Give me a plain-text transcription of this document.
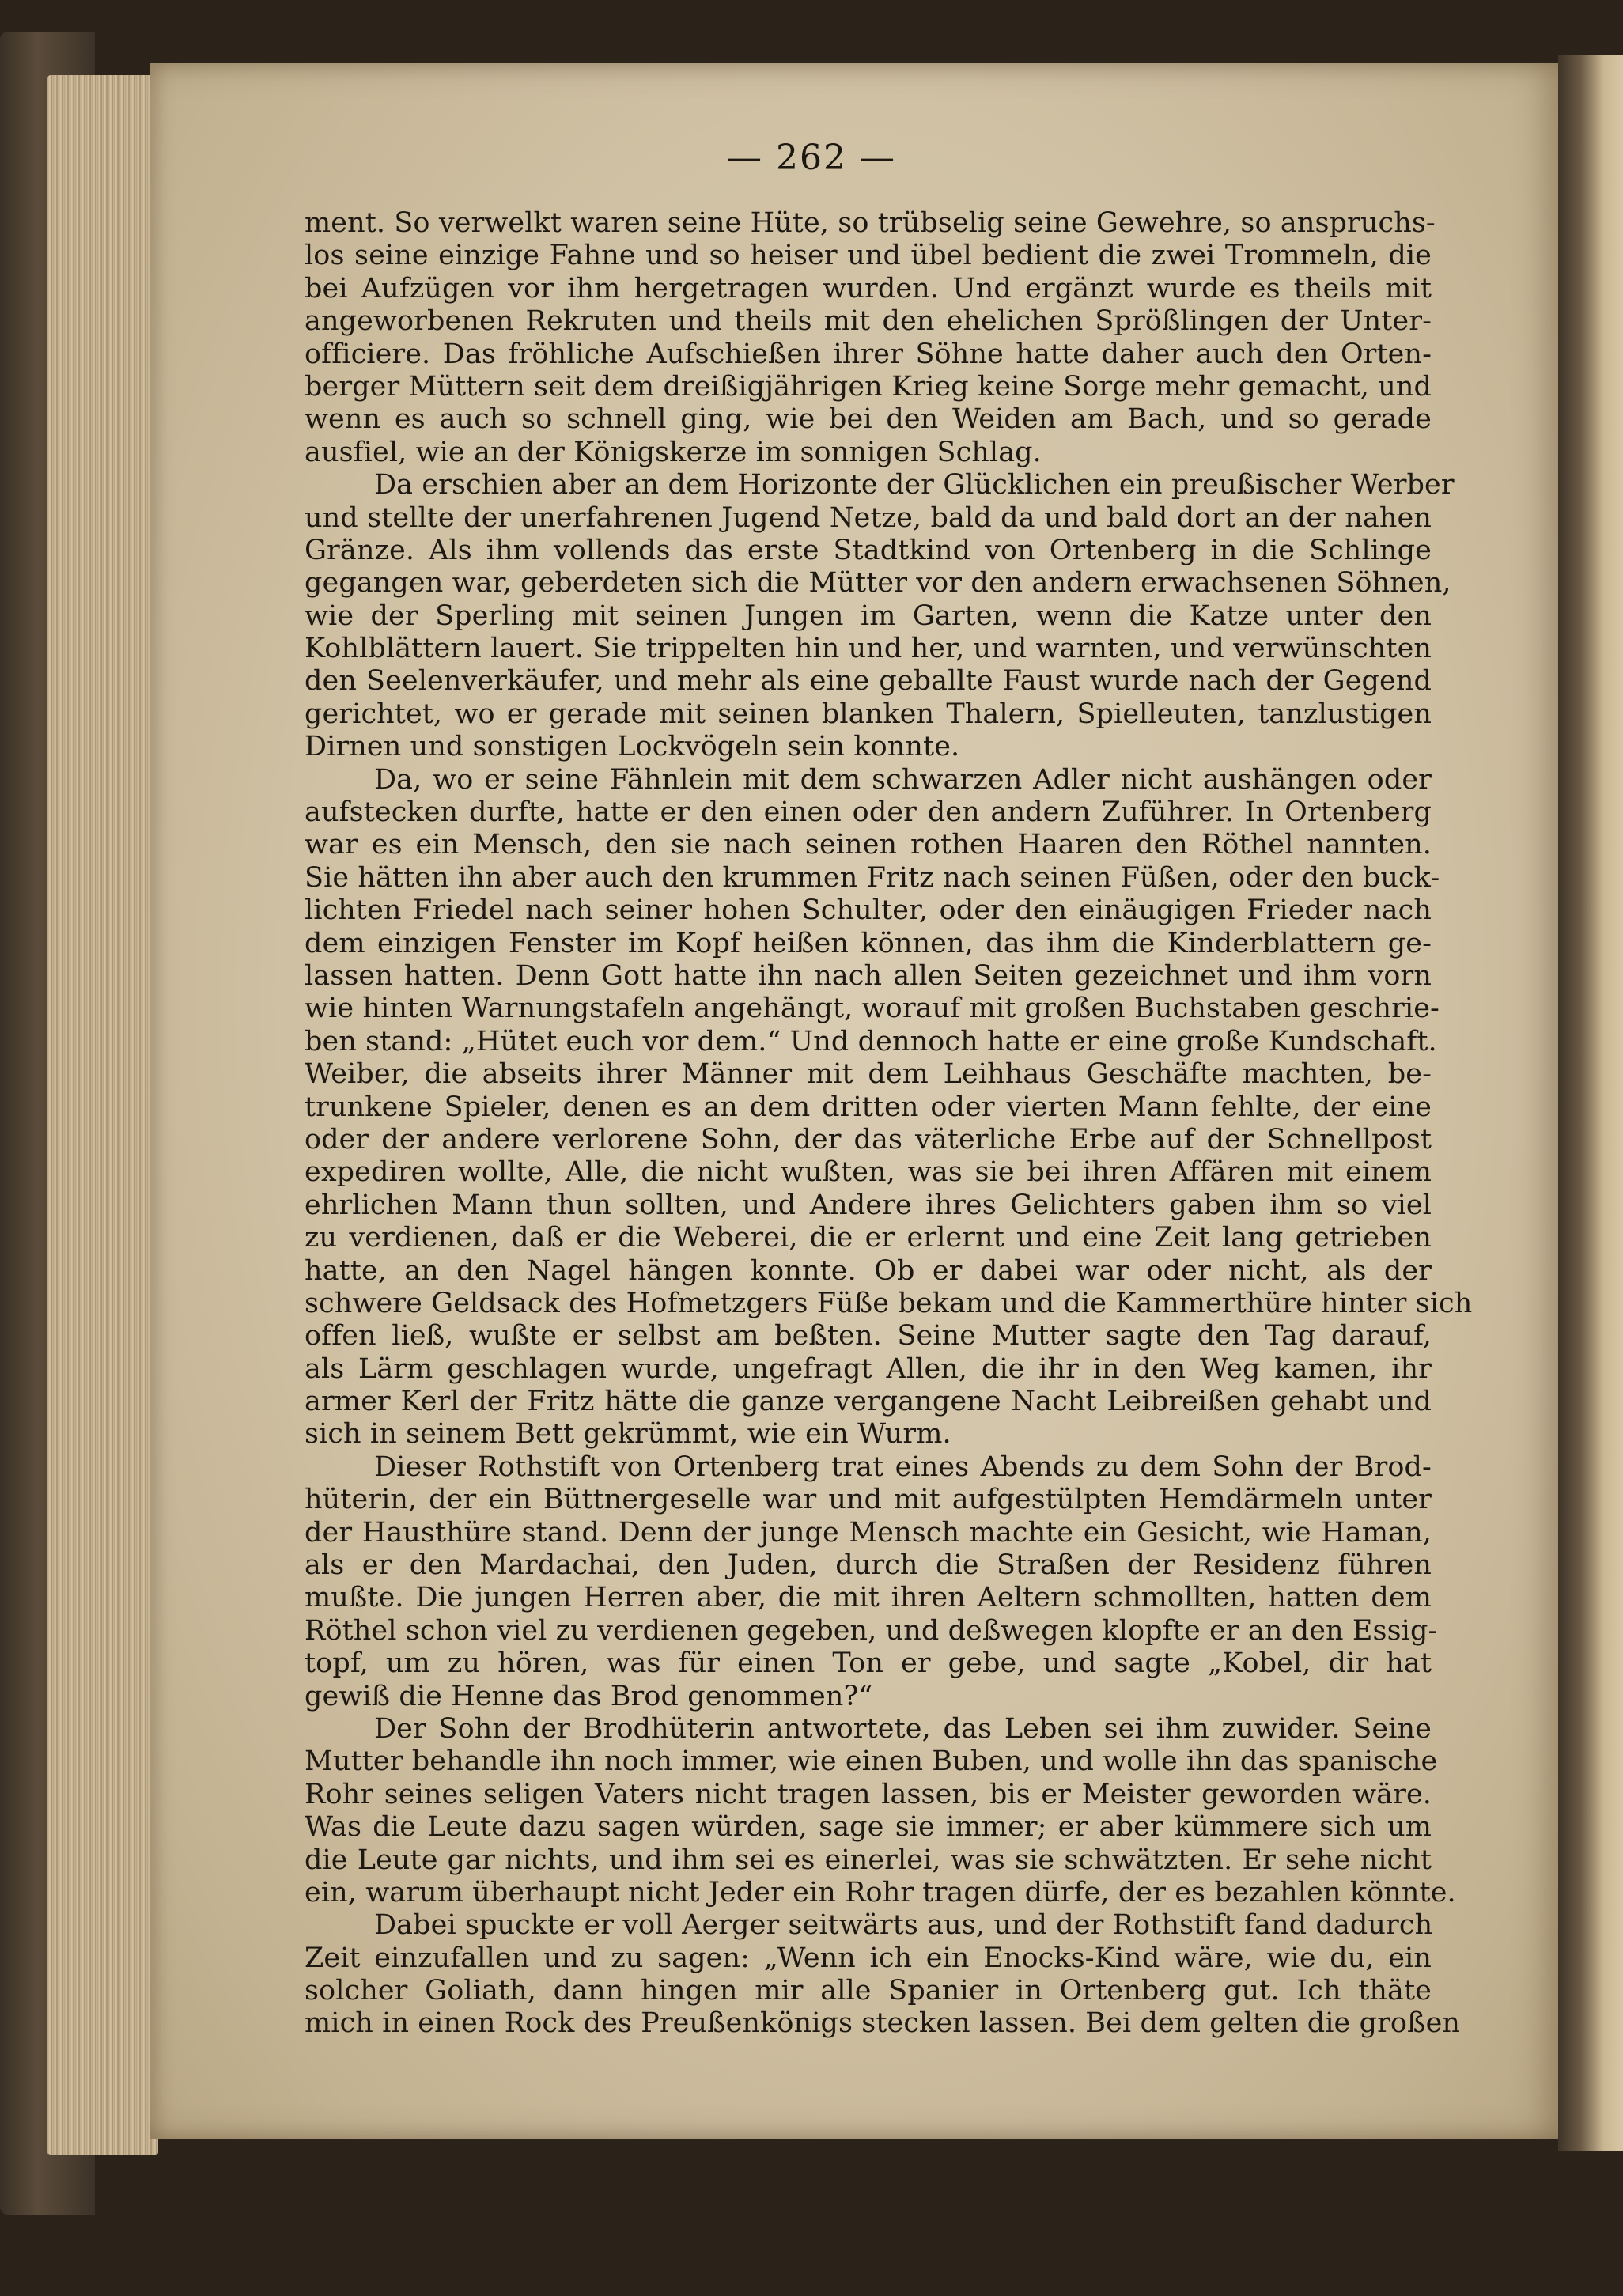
— 262 —
ment. So verwelkt waren seine Hüte, so trübselig seine Gewehre, so anspruchs-
los seine einzige Fahne und so heiser und übel bedient die zwei Trommeln, die
bei Aufzügen vor ihm hergetragen wurden. Und ergänzt wurde es theils mit
angeworbenen Rekruten und theils mit den ehelichen Sprößlingen der Unter-
officiere. Das fröhliche Aufschießen ihrer Söhne hatte daher auch den Orten-
berger Müttern seit dem dreißigjährigen Krieg keine Sorge mehr gemacht, und
wenn es auch so schnell ging, wie bei den Weiden am Bach, und so gerade
ausfiel, wie an der Königskerze im sonnigen Schlag.
Da erschien aber an dem Horizonte der Glücklichen ein preußischer Werber
und stellte der unerfahrenen Jugend Netze, bald da und bald dort an der nahen
Gränze. Als ihm vollends das erste Stadtkind von Ortenberg in die Schlinge
gegangen war, geberdeten sich die Mütter vor den andern erwachsenen Söhnen,
wie der Sperling mit seinen Jungen im Garten, wenn die Katze unter den
Kohlblättern lauert. Sie trippelten hin und her, und warnten, und verwünschten
den Seelenverkäufer, und mehr als eine geballte Faust wurde nach der Gegend
gerichtet, wo er gerade mit seinen blanken Thalern, Spielleuten, tanzlustigen
Dirnen und sonstigen Lockvögeln sein konnte.
Da, wo er seine Fähnlein mit dem schwarzen Adler nicht aushängen oder
aufstecken durfte, hatte er den einen oder den andern Zuführer. In Ortenberg
war es ein Mensch, den sie nach seinen rothen Haaren den Röthel nannten.
Sie hätten ihn aber auch den krummen Fritz nach seinen Füßen, oder den buck-
lichten Friedel nach seiner hohen Schulter, oder den einäugigen Frieder nach
dem einzigen Fenster im Kopf heißen können, das ihm die Kinderblattern ge-
lassen hatten. Denn Gott hatte ihn nach allen Seiten gezeichnet und ihm vorn
wie hinten Warnungstafeln angehängt, worauf mit großen Buchstaben geschrie-
ben stand: „Hütet euch vor dem.“ Und dennoch hatte er eine große Kundschaft.
Weiber, die abseits ihrer Männer mit dem Leihhaus Geschäfte machten, be-
trunkene Spieler, denen es an dem dritten oder vierten Mann fehlte, der eine
oder der andere verlorene Sohn, der das väterliche Erbe auf der Schnellpost
expediren wollte, Alle, die nicht wußten, was sie bei ihren Affären mit einem
ehrlichen Mann thun sollten, und Andere ihres Gelichters gaben ihm so viel
zu verdienen, daß er die Weberei, die er erlernt und eine Zeit lang getrieben
hatte, an den Nagel hängen konnte. Ob er dabei war oder nicht, als der
schwere Geldsack des Hofmetzgers Füße bekam und die Kammerthüre hinter sich
offen ließ, wußte er selbst am beßten. Seine Mutter sagte den Tag darauf,
als Lärm geschlagen wurde, ungefragt Allen, die ihr in den Weg kamen, ihr
armer Kerl der Fritz hätte die ganze vergangene Nacht Leibreißen gehabt und
sich in seinem Bett gekrümmt, wie ein Wurm.
Dieser Rothstift von Ortenberg trat eines Abends zu dem Sohn der Brod-
hüterin, der ein Büttnergeselle war und mit aufgestülpten Hemdärmeln unter
der Hausthüre stand. Denn der junge Mensch machte ein Gesicht, wie Haman,
als er den Mardachai, den Juden, durch die Straßen der Residenz führen
mußte. Die jungen Herren aber, die mit ihren Aeltern schmollten, hatten dem
Röthel schon viel zu verdienen gegeben, und deßwegen klopfte er an den Essig-
topf, um zu hören, was für einen Ton er gebe, und sagte „Kobel, dir hat
gewiß die Henne das Brod genommen?“
Der Sohn der Brodhüterin antwortete, das Leben sei ihm zuwider. Seine
Mutter behandle ihn noch immer, wie einen Buben, und wolle ihn das spanische
Rohr seines seligen Vaters nicht tragen lassen, bis er Meister geworden wäre.
Was die Leute dazu sagen würden, sage sie immer; er aber kümmere sich um
die Leute gar nichts, und ihm sei es einerlei, was sie schwätzten. Er sehe nicht
ein, warum überhaupt nicht Jeder ein Rohr tragen dürfe, der es bezahlen könnte.
Dabei spuckte er voll Aerger seitwärts aus, und der Rothstift fand dadurch
Zeit einzufallen und zu sagen: „Wenn ich ein Enocks-Kind wäre, wie du, ein
solcher Goliath, dann hingen mir alle Spanier in Ortenberg gut. Ich thäte
mich in einen Rock des Preußenkönigs stecken lassen. Bei dem gelten die großen
